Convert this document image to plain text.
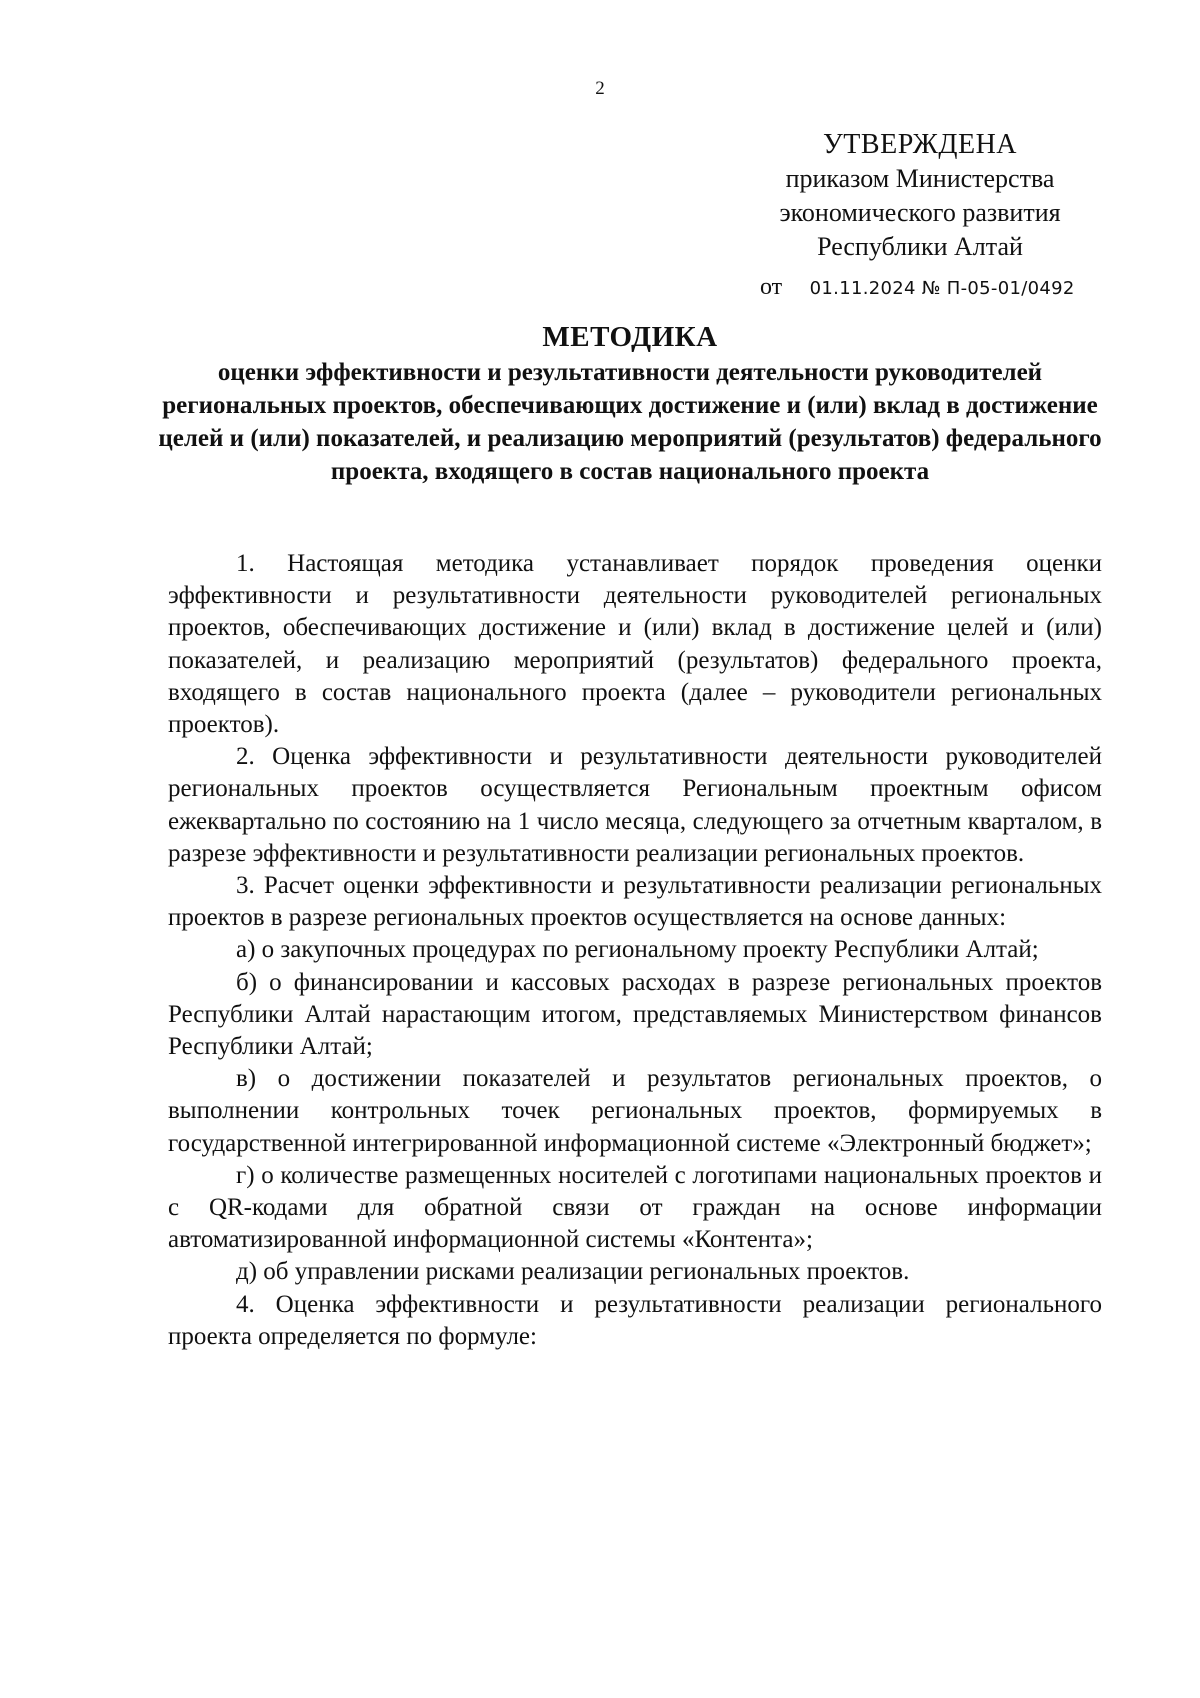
2
УТВЕРЖДЕНА
приказом Министерства
экономического развития
Республики Алтай
от 01.11.2024 № П-05-01/0492
МЕТОДИКА
оценки эффективности и результативности деятельности руководителей региональных проектов, обеспечивающих достижение и (или) вклад в достижение целей и (или) показателей, и реализацию мероприятий (результатов) федерального проекта, входящего в состав национального проекта

1. Настоящая методика устанавливает порядок проведения оценки эффективности и результативности деятельности руководителей региональных проектов, обеспечивающих достижение и (или) вклад в достижение целей и (или) показателей, и реализацию мероприятий (результатов) федерального проекта, входящего в состав национального проекта (далее – руководители региональных проектов).

2. Оценка эффективности и результативности деятельности руководителей региональных проектов осуществляется Региональным проектным офисом ежеквартально по состоянию на 1 число месяца, следующего за отчетным кварталом, в разрезе эффективности и результативности реализации региональных проектов.

3. Расчет оценки эффективности и результативности реализации региональных проектов в разрезе региональных проектов осуществляется на основе данных:

а) о закупочных процедурах по региональному проекту Республики Алтай;

б) о финансировании и кассовых расходах в разрезе региональных проектов Республики Алтай нарастающим итогом, представляемых Министерством финансов Республики Алтай;

в) о достижении показателей и результатов региональных проектов, о выполнении контрольных точек региональных проектов, формируемых в государственной интегрированной информационной системе «Электронный бюджет»;

г) о количестве размещенных носителей с логотипами национальных проектов и с QR-кодами для обратной связи от граждан на основе информации автоматизированной информационной системы «Контента»;

д) об управлении рисками реализации региональных проектов.

4. Оценка эффективности и результативности реализации регионального проекта определяется по формуле:
